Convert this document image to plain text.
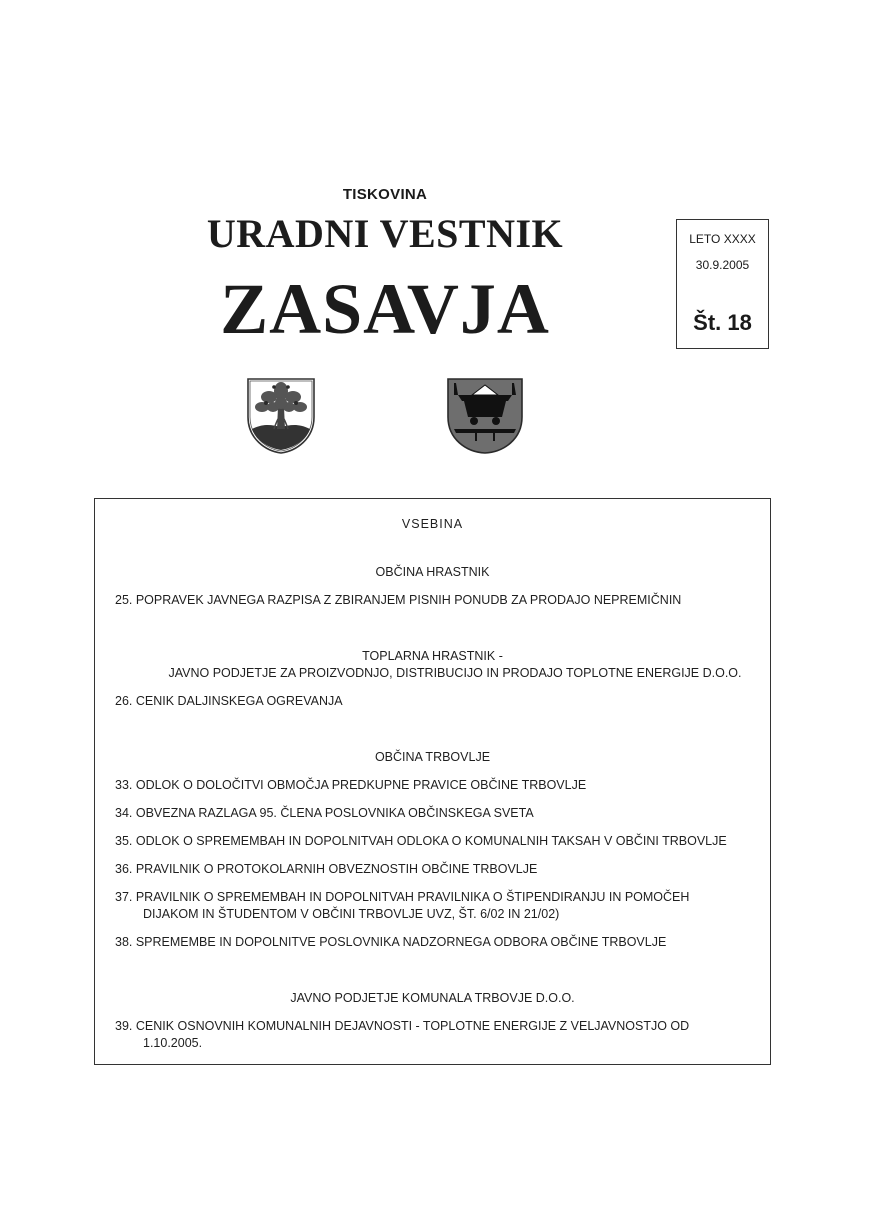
TISKOVINA
URADNI VESTNIK
ZASAVJA
LETO XXXX
30.9.2005
Št. 18
VSEBINA
OBČINA HRASTNIK
25. POPRAVEK JAVNEGA RAZPISA Z ZBIRANJEM PISNIH PONUDB ZA PRODAJO NEPREMIČNIN
TOPLARNA HRASTNIK -
JAVNO PODJETJE ZA PROIZVODNJO, DISTRIBUCIJO IN PRODAJO TOPLOTNE ENERGIJE D.O.O.
26. CENIK DALJINSKEGA OGREVANJA
OBČINA TRBOVLJE
33. ODLOK O DOLOČITVI OBMOČJA PREDKUPNE PRAVICE OBČINE TRBOVLJE
34. OBVEZNA RAZLAGA 95. ČLENA POSLOVNIKA OBČINSKEGA SVETA
35. ODLOK O SPREMEMBAH IN DOPOLNITVAH ODLOKA O KOMUNALNIH TAKSAH V OBČINI TRBOVLJE
36. PRAVILNIK O PROTOKOLARNIH OBVEZNOSTIH OBČINE TRBOVLJE
37. PRAVILNIK O SPREMEMBAH IN DOPOLNITVAH PRAVILNIKA O ŠTIPENDIRANJU IN POMOČEH
DIJAKOM IN ŠTUDENTOM V OBČINI TRBOVLJE UVZ, ŠT. 6/02 IN 21/02)
38. SPREMEMBE IN DOPOLNITVE POSLOVNIKA NADZORNEGA ODBORA OBČINE TRBOVLJE
JAVNO PODJETJE KOMUNALA TRBOVJE D.O.O.
39. CENIK OSNOVNIH KOMUNALNIH DEJAVNOSTI - TOPLOTNE ENERGIJE Z VELJAVNOSTJO OD
1.10.2005.
